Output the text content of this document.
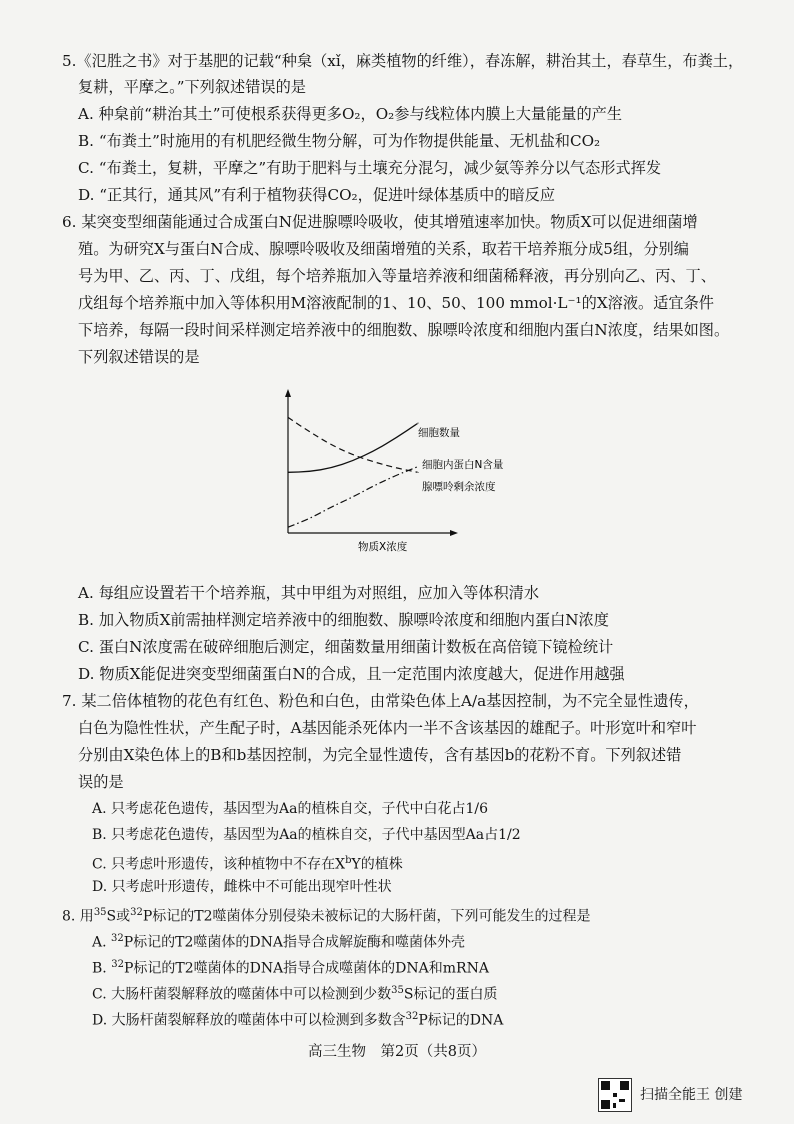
5.《氾胜之书》对于基肥的记载“种枲（xǐ，麻类植物的纤维），春冻解，耕治其土，春草生，布粪土，
复耕，平摩之。”下列叙述错误的是
A. 种枲前“耕治其土”可使根系获得更多O₂，O₂参与线粒体内膜上大量能量的产生
B. “布粪土”时施用的有机肥经微生物分解，可为作物提供能量、无机盐和CO₂
C. “布粪土，复耕，平摩之”有助于肥料与土壤充分混匀，减少氨等养分以气态形式挥发
D. “正其行，通其风”有利于植物获得CO₂，促进叶绿体基质中的暗反应
6. 某突变型细菌能通过合成蛋白N促进腺嘌呤吸收，使其增殖速率加快。物质X可以促进细菌增
殖。为研究X与蛋白N合成、腺嘌呤吸收及细菌增殖的关系，取若干培养瓶分成5组，分别编
号为甲、乙、丙、丁、戊组，每个培养瓶加入等量培养液和细菌稀释液，再分别向乙、丙、丁、
戊组每个培养瓶中加入等体积用M溶液配制的1、10、50、100 mmol·L⁻¹的X溶液。适宜条件
下培养，每隔一段时间采样测定培养液中的细胞数、腺嘌呤浓度和细胞内蛋白N浓度，结果如图。
下列叙述错误的是
细胞数量
细胞内蛋白N含量
腺嘌呤剩余浓度
物质X浓度
A. 每组应设置若干个培养瓶，其中甲组为对照组，应加入等体积清水
B. 加入物质X前需抽样测定培养液中的细胞数、腺嘌呤浓度和细胞内蛋白N浓度
C. 蛋白N浓度需在破碎细胞后测定，细菌数量用细菌计数板在高倍镜下镜检统计
D. 物质X能促进突变型细菌蛋白N的合成，且一定范围内浓度越大，促进作用越强
7. 某二倍体植物的花色有红色、粉色和白色，由常染色体上A/a基因控制，为不完全显性遗传，
白色为隐性性状，产生配子时，A基因能杀死体内一半不含该基因的雄配子。叶形宽叶和窄叶
分别由X染色体上的B和b基因控制，为完全显性遗传，含有基因b的花粉不育。下列叙述错
误的是
A. 只考虑花色遗传，基因型为Aa的植株自交，子代中白花占1/6
B. 只考虑花色遗传，基因型为Aa的植株自交，子代中基因型Aa占1/2
C. 只考虑叶形遗传，该种植物中不存在$X^bY$的植株
D. 只考虑叶形遗传，雌株中不可能出现窄叶性状
8. 用$^{35}$S或$^{32}$P标记的T2噬菌体分别侵染未被标记的大肠杆菌，下列可能发生的过程是
A. $^{32}$P标记的T2噬菌体的DNA指导合成解旋酶和噬菌体外壳
B. $^{32}$P标记的T2噬菌体的DNA指导合成噬菌体的DNA和mRNA
C. 大肠杆菌裂解释放的噬菌体中可以检测到少数$^{35}$S标记的蛋白质
D. 大肠杆菌裂解释放的噬菌体中可以检测到多数含$^{32}$P标记的DNA
高三生物　第2页（共8页）
扫描全能王 创建
